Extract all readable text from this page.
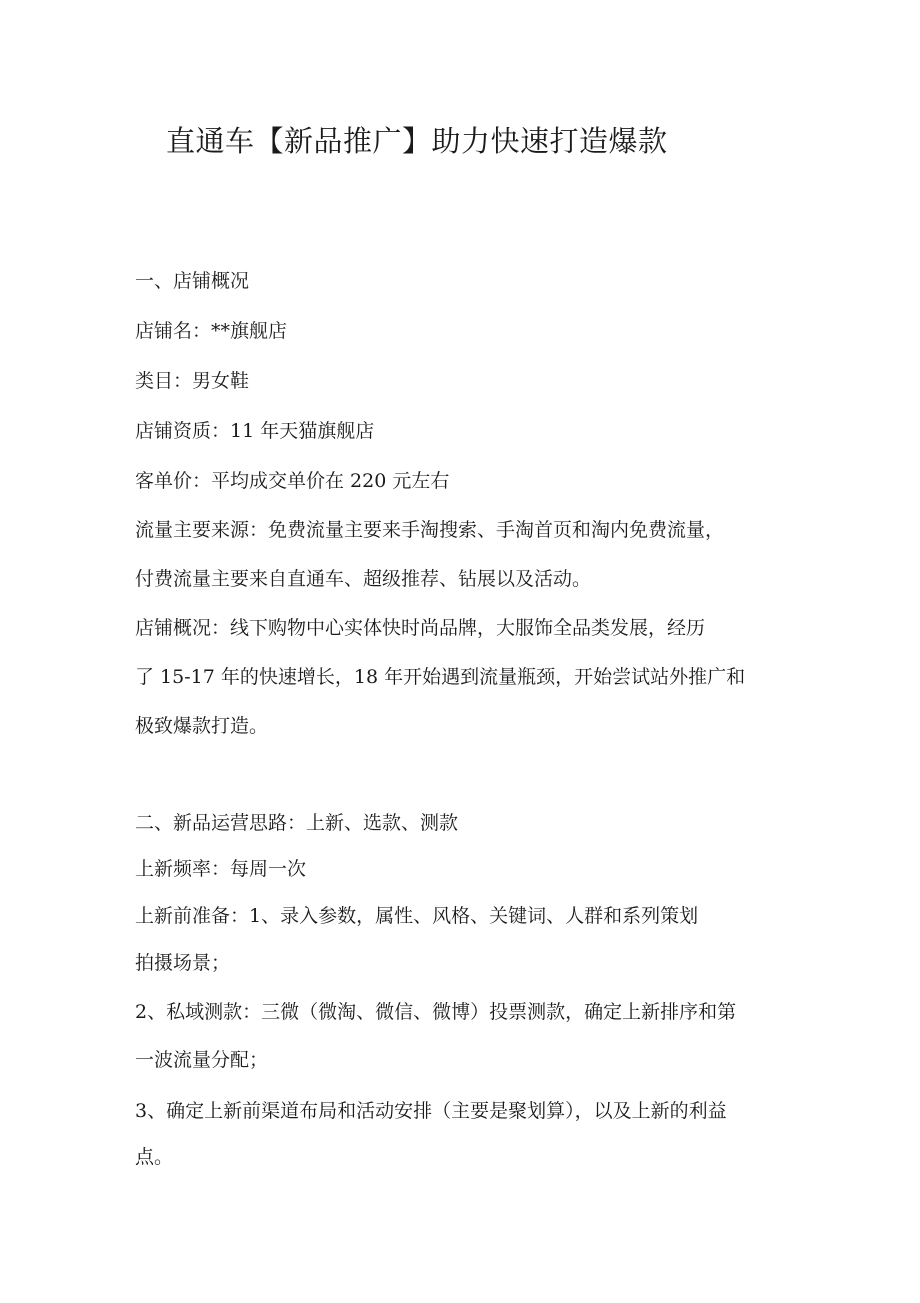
直通车【新品推广】助力快速打造爆款

一、店铺概况

店铺名：**旗舰店

类目：男女鞋

店铺资质：11 年天猫旗舰店

客单价：平均成交单价在 220 元左右

流量主要来源：免费流量主要来手淘搜索、手淘首页和淘内免费流量，

付费流量主要来自直通车、超级推荐、钻展以及活动。

店铺概况：线下购物中心实体快时尚品牌，大服饰全品类发展，经历

了 15-17 年的快速增长，18 年开始遇到流量瓶颈，开始尝试站外推广和

极致爆款打造。

二、新品运营思路：上新、选款、测款

上新频率：每周一次

上新前准备：1、录入参数，属性、风格、关键词、人群和系列策划

拍摄场景；

2、私域测款：三微（微淘、微信、微博）投票测款，确定上新排序和第

一波流量分配；

3、确定上新前渠道布局和活动安排（主要是聚划算），以及上新的利益

点。
